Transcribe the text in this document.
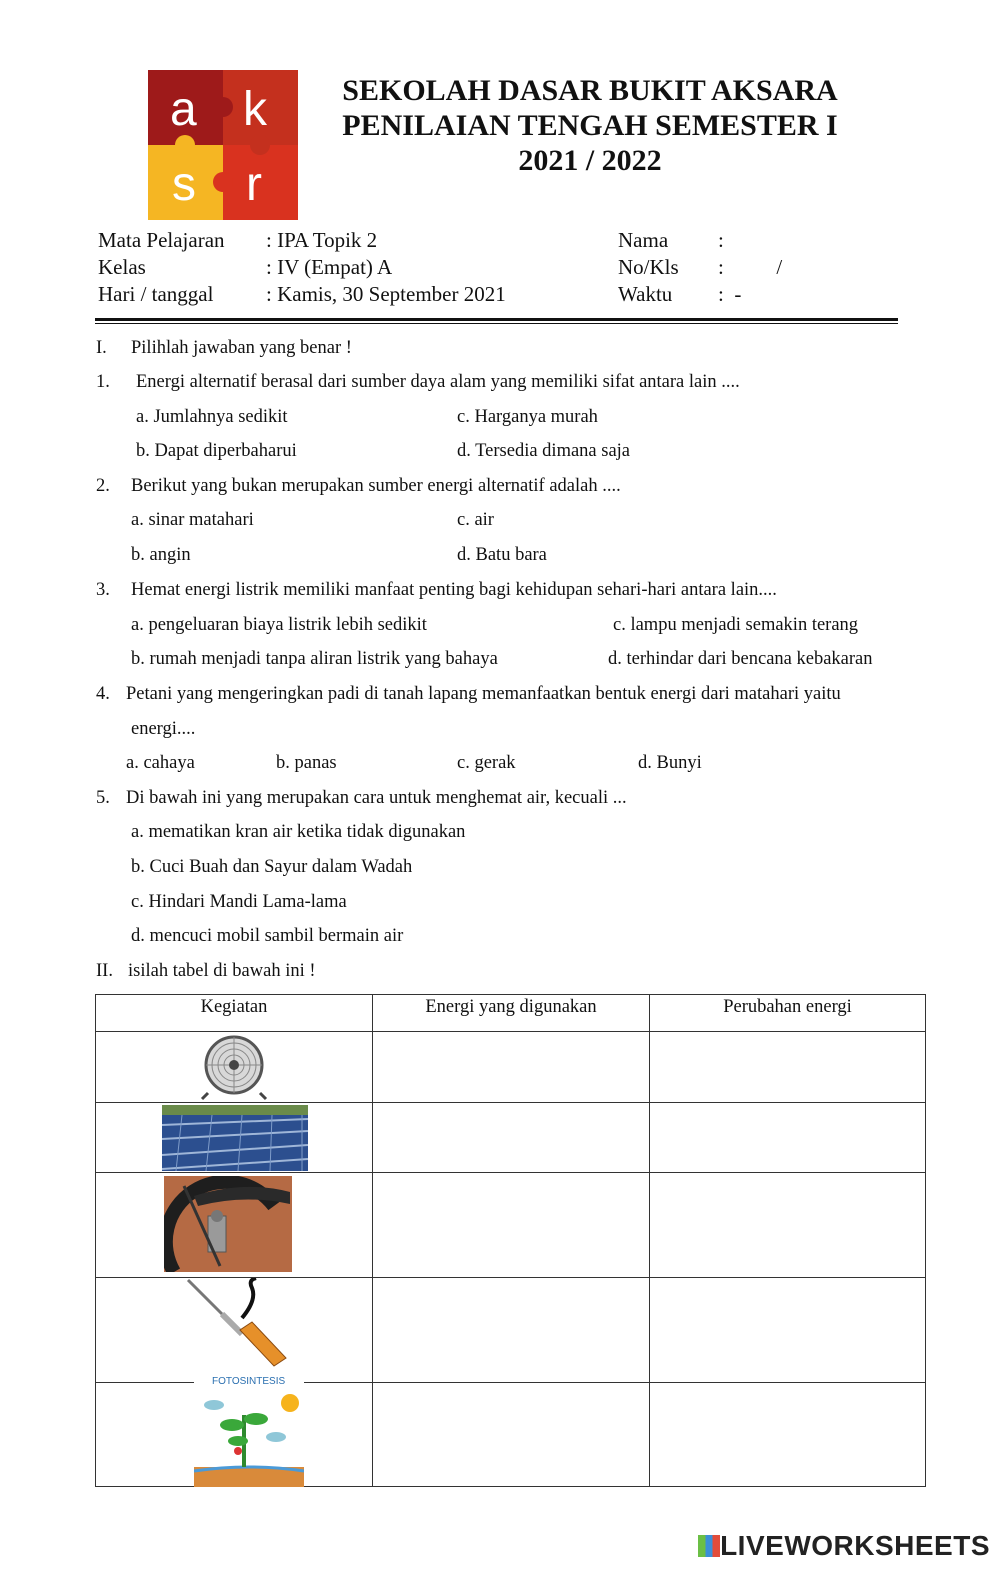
a k
s r
SEKOLAH DASAR BUKIT AKSARA
PENILAIAN TENGAH SEMESTER I
2021 / 2022
Mata Pelajaran : IPA Topik 2
Kelas	: IV (Empat) A
Hari / tanggal	: Kamis, 30 September 2021
Nama :
No/Kls :          /
Waktu :  -
I. Pilihlah jawaban yang benar !
1. Energi alternatif berasal dari sumber daya alam yang memiliki sifat antara lain ....
a. Jumlahnya sedikit
b. Dapat diperbaharui
c. Harganya murah
d. Tersedia dimana saja
2. Berikut yang bukan merupakan sumber energi alternatif adalah ....
a. sinar matahari
b. angin
c. air
d. Batu bara
3. Hemat energi listrik memiliki manfaat penting bagi kehidupan sehari-hari antara lain....
a. pengeluaran biaya listrik lebih sedikit
b. rumah menjadi tanpa aliran listrik yang bahaya
c. lampu menjadi semakin terang
d. terhindar dari bencana kebakaran
4. Petani yang mengeringkan padi di tanah lapang memanfaatkan bentuk energi dari matahari yaitu
energi....
a. cahaya	b. panas	c. gerak	d. Bunyi
5. Di bawah ini yang merupakan cara untuk menghemat air, kecuali ...
a. mematikan kran air ketika tidak digunakan
b. Cuci Buah dan Sayur dalam Wadah
c. Hindari Mandi Lama-lama
d. mencuci mobil sambil bermain air
II. isilah tabel di bawah ini !
Kegiatan	Energi yang digunakan	Perubahan energi

FOTOSINTESIS		

LIVEWORKSHEETS
